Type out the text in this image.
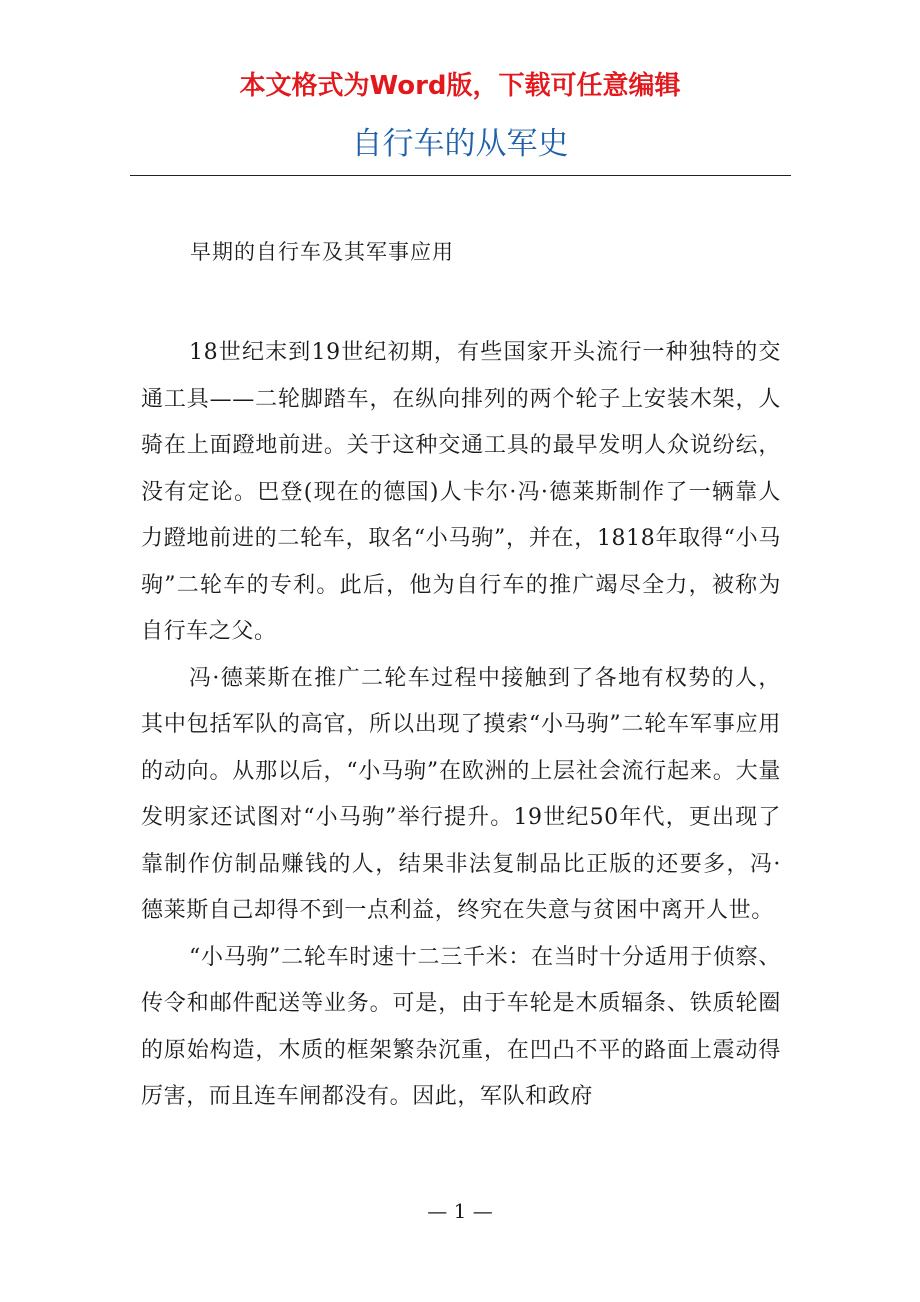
本文格式为Word版，下载可任意编辑
自行车的从军史
早期的自行车及其军事应用

18世纪末到19世纪初期，有些国家开头流行一种独特的交通工具——二轮脚踏车，在纵向排列的两个轮子上安装木架，人骑在上面蹬地前进。关于这种交通工具的最早发明人众说纷纭，没有定论。巴登(现在的德国)人卡尔·冯·德莱斯制作了一辆靠人力蹬地前进的二轮车，取名“小马驹”，并在，1818年取得“小马驹”二轮车的专利。此后，他为自行车的推广竭尽全力，被称为自行车之父。

冯·德莱斯在推广二轮车过程中接触到了各地有权势的人，其中包括军队的高官，所以出现了摸索“小马驹”二轮车军事应用的动向。从那以后，“小马驹”在欧洲的上层社会流行起来。大量发明家还试图对“小马驹”举行提升。19世纪50年代，更出现了靠制作仿制品赚钱的人，结果非法复制品比正版的还要多，冯·德莱斯自己却得不到一点利益，终究在失意与贫困中离开人世。

“小马驹”二轮车时速十二三千米：在当时十分适用于侦察、传令和邮件配送等业务。可是，由于车轮是木质辐条、铁质轮圈的原始构造，木质的框架繁杂沉重，在凹凸不平的路面上震动得厉害，而且连车闸都没有。因此，军队和政府

— 1 —
